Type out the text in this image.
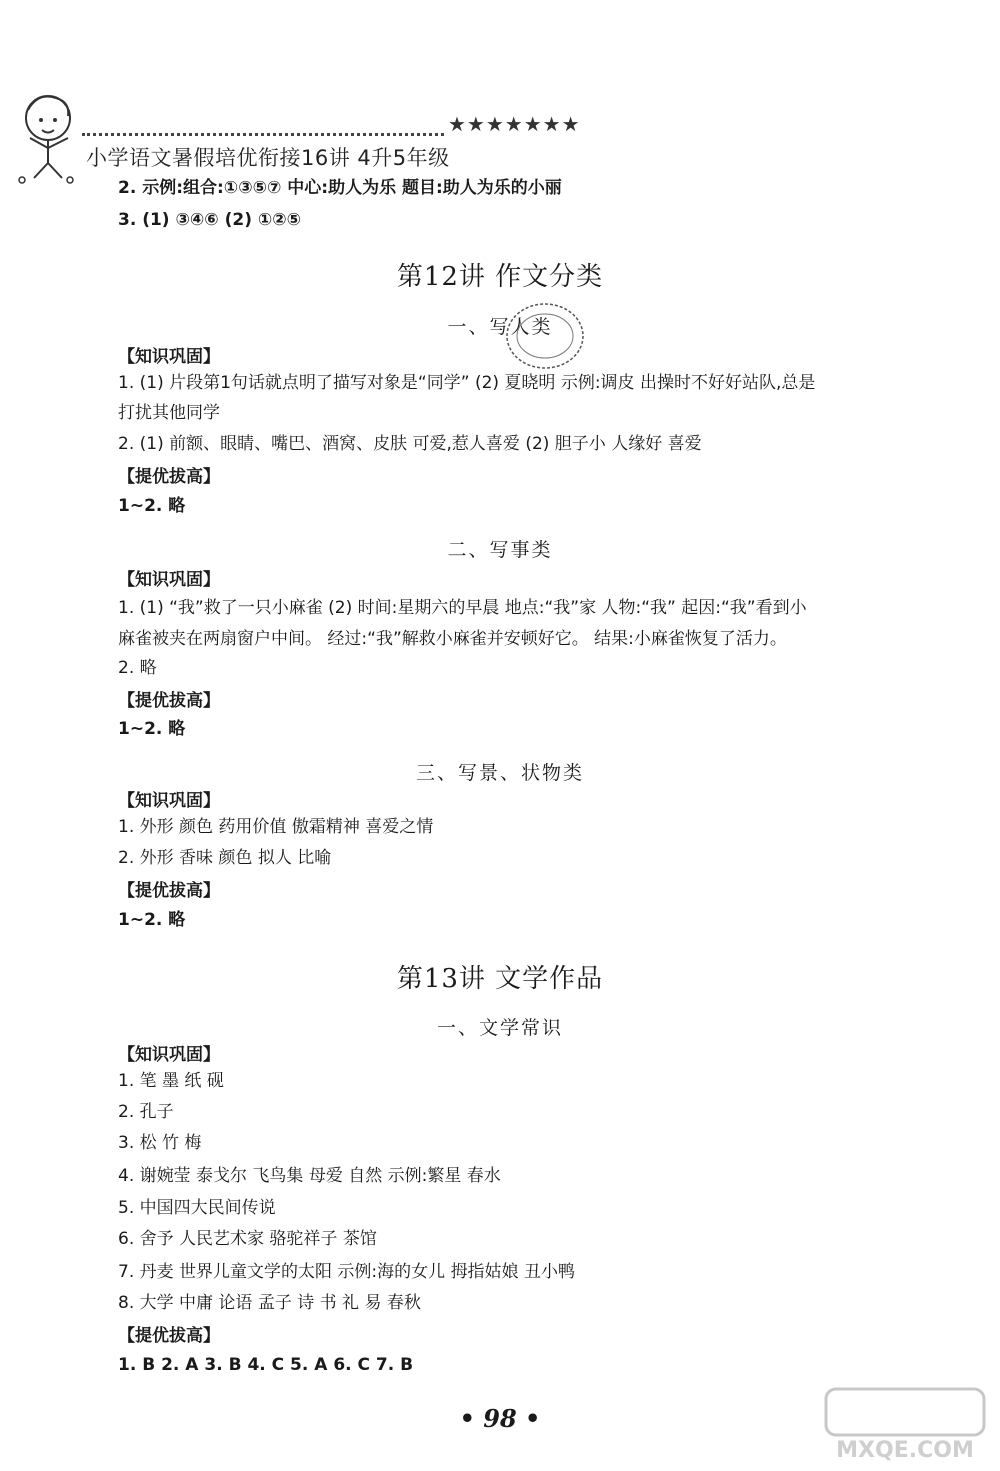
★★★★★★★
小学语文暑假培优衔接16讲 4升5年级
2. 示例:组合:①③⑤⑦ 中心:助人为乐 题目:助人为乐的小丽
3. (1) ③④⑥ (2) ①②⑤
第12讲 作文分类
一、写人类
【知识巩固】
1. (1) 片段第1句话就点明了描写对象是“同学” (2) 夏晓明 示例:调皮 出操时不好好站队,总是
打扰其他同学
2. (1) 前额、眼睛、嘴巴、酒窝、皮肤 可爱,惹人喜爱 (2) 胆子小 人缘好 喜爱
【提优拔高】
1~2. 略
二、写事类
【知识巩固】
1. (1) “我”救了一只小麻雀 (2) 时间:星期六的早晨 地点:“我”家 人物:“我” 起因:“我”看到小
麻雀被夹在两扇窗户中间。 经过:“我”解救小麻雀并安顿好它。 结果:小麻雀恢复了活力。
2. 略
【提优拔高】
1~2. 略
三、写景、状物类
【知识巩固】
1. 外形 颜色 药用价值 傲霜精神 喜爱之情
2. 外形 香味 颜色 拟人 比喻
【提优拔高】
1~2. 略
第13讲 文学作品
一、文学常识
【知识巩固】
1. 笔 墨 纸 砚
2. 孔子
3. 松 竹 梅
4. 谢婉莹 泰戈尔 飞鸟集 母爱 自然 示例:繁星 春水
5. 中国四大民间传说
6. 舍予 人民艺术家 骆驼祥子 茶馆
7. 丹麦 世界儿童文学的太阳 示例:海的女儿 拇指姑娘 丑小鸭
8. 大学 中庸 论语 孟子 诗 书 礼 易 春秋
【提优拔高】
1. B 2. A 3. B 4. C 5. A 6. C 7. B
• 98 •
MXQE.COM
